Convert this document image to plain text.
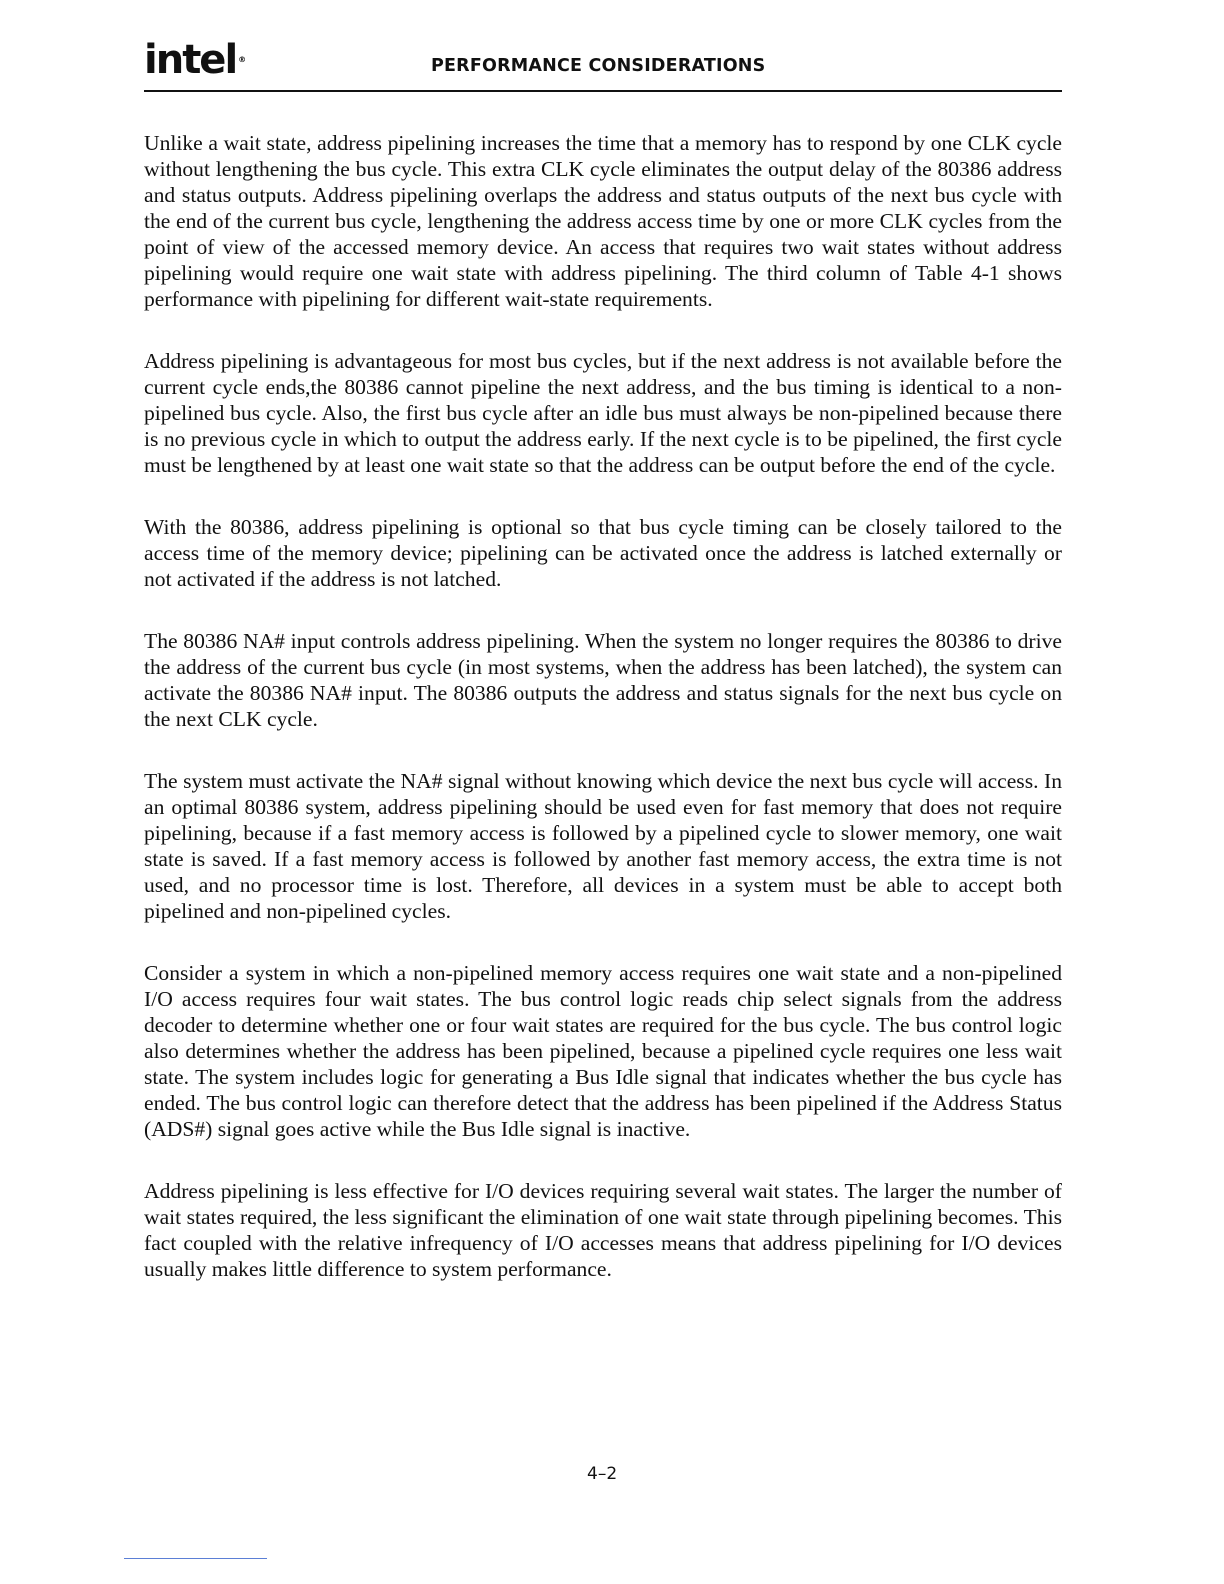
intel ®	PERFORMANCE CONSIDERATIONS

Unlike a wait state, address pipelining increases the time that a memory has to respond by one CLK cycle without lengthening the bus cycle. This extra CLK cycle eliminates the output delay of the 80386 address and status outputs. Address pipelining overlaps the address and status outputs of the next bus cycle with the end of the current bus cycle, lengthening the address access time by one or more CLK cycles from the point of view of the accessed memory device. An access that requires two wait states without address pipelining would require one wait state with address pipelining. The third column of Table 4-1 shows performance with pipelining for different wait-state requirements.

Address pipelining is advantageous for most bus cycles, but if the next address is not available before the current cycle ends,the 80386 cannot pipeline the next address, and the bus timing is identical to a non-pipelined bus cycle. Also, the first bus cycle after an idle bus must always be non-pipelined because there is no previous cycle in which to output the address early. If the next cycle is to be pipelined, the first cycle must be lengthened by at least one wait state so that the address can be output before the end of the cycle.

With the 80386, address pipelining is optional so that bus cycle timing can be closely tailored to the access time of the memory device; pipelining can be activated once the address is latched externally or not activated if the address is not latched.

The 80386 NA# input controls address pipelining. When the system no longer requires the 80386 to drive the address of the current bus cycle (in most systems, when the address has been latched), the system can activate the 80386 NA# input. The 80386 outputs the address and status signals for the next bus cycle on the next CLK cycle.

The system must activate the NA# signal without knowing which device the next bus cycle will access. In an optimal 80386 system, address pipelining should be used even for fast memory that does not require pipelining, because if a fast memory access is followed by a pipelined cycle to slower memory, one wait state is saved. If a fast memory access is followed by another fast memory access, the extra time is not used, and no processor time is lost. Therefore, all devices in a system must be able to accept both pipelined and non-pipelined cycles.

Consider a system in which a non-pipelined memory access requires one wait state and a non-pipelined I/O access requires four wait states. The bus control logic reads chip select signals from the address decoder to determine whether one or four wait states are required for the bus cycle. The bus control logic also determines whether the address has been pipelined, because a pipelined cycle requires one less wait state. The system includes logic for generating a Bus Idle signal that indicates whether the bus cycle has ended. The bus control logic can therefore detect that the address has been pipelined if the Address Status (ADS#) signal goes active while the Bus Idle signal is inactive.

Address pipelining is less effective for I/O devices requiring several wait states. The larger the number of wait states required, the less significant the elimination of one wait state through pipelining becomes. This fact coupled with the relative infrequency of I/O accesses means that address pipelining for I/O devices usually makes little difference to system performance.

4–2
